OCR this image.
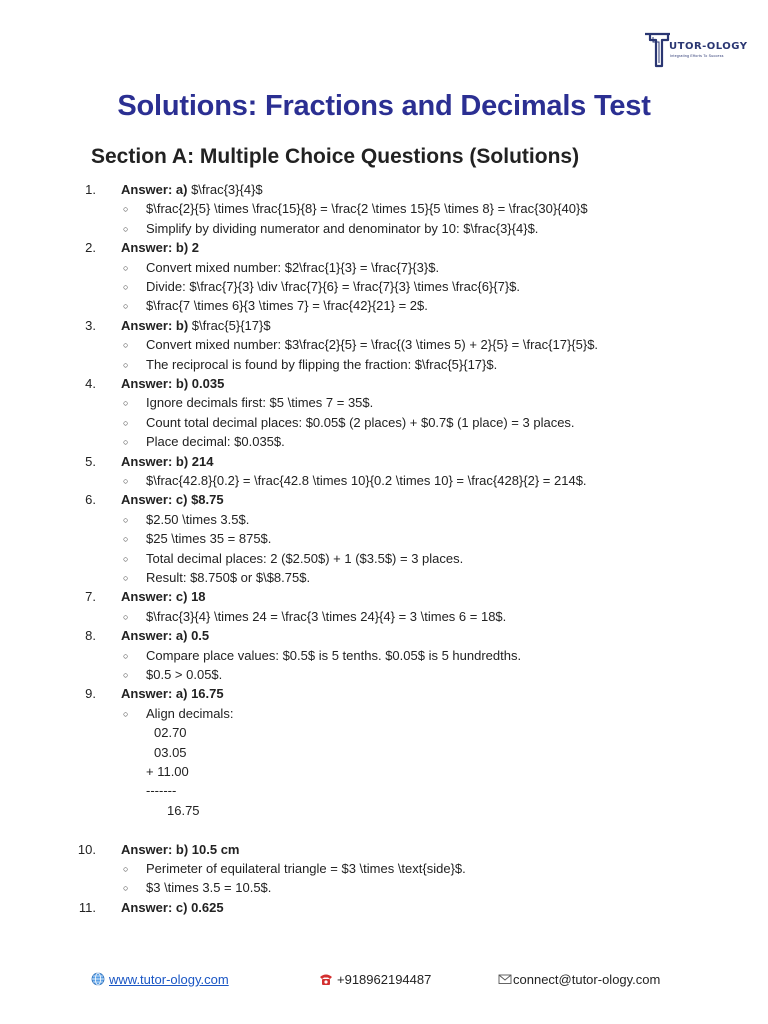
UTOR-OLOGY
Integrating Efforts To Success
Solutions: Fractions and Decimals Test
Section A: Multiple Choice Questions (Solutions)
1. Answer: a) $\frac{3}{4}$
○ $\frac{2}{5} \times \frac{15}{8} = \frac{2 \times 15}{5 \times 8} = \frac{30}{40}$
○ Simplify by dividing numerator and denominator by 10: $\frac{3}{4}$.
2. Answer: b) 2
○ Convert mixed number: $2\frac{1}{3} = \frac{7}{3}$.
○ Divide: $\frac{7}{3} \div \frac{7}{6} = \frac{7}{3} \times \frac{6}{7}$.
○ $\frac{7 \times 6}{3 \times 7} = \frac{42}{21} = 2$.
3. Answer: b) $\frac{5}{17}$
○ Convert mixed number: $3\frac{2}{5} = \frac{(3 \times 5) + 2}{5} = \frac{17}{5}$.
○ The reciprocal is found by flipping the fraction: $\frac{5}{17}$.
4. Answer: b) 0.035
○ Ignore decimals first: $5 \times 7 = 35$.
○ Count total decimal places: $0.05$ (2 places) + $0.7$ (1 place) = 3 places.
○ Place decimal: $0.035$.
5. Answer: b) 214
○ $\frac{42.8}{0.2} = \frac{42.8 \times 10}{0.2 \times 10} = \frac{428}{2} = 214$.
6. Answer: c) $8.75
○ $2.50 \times 3.5$.
○ $25 \times 35 = 875$.
○ Total decimal places: 2 ($2.50$) + 1 ($3.5$) = 3 places.
○ Result: $8.750$ or $\$8.75$.
7. Answer: c) 18
○ $\frac{3}{4} \times 24 = \frac{3 \times 24}{4} = 3 \times 6 = 18$.
8. Answer: a) 0.5
○ Compare place values: $0.5$ is 5 tenths. $0.05$ is 5 hundredths.
○ $0.5 > 0.05$.
9. Answer: a) 16.75
○ Align decimals:
02.70
03.05
+ 11.00
-------
16.75
10. Answer: b) 10.5 cm
○ Perimeter of equilateral triangle = $3 \times \text{side}$.
○ $3 \times 3.5 = 10.5$.
11. Answer: c) 0.625
www.tutor-ology.com	+918962194487	connect@tutor-ology.com
